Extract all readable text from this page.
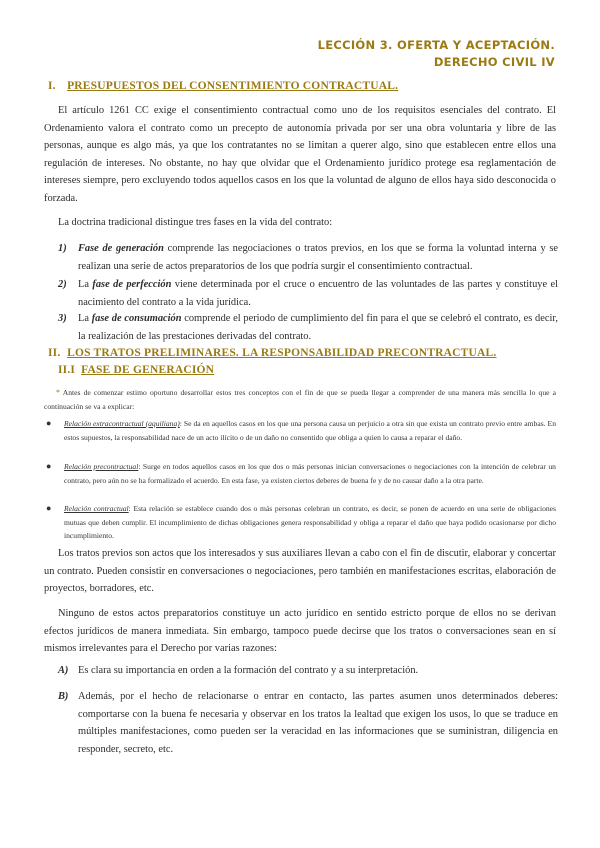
LECCIÓN 3. OFERTA Y ACEPTACIÓN.
DERECHO CIVIL IV
I. PRESUPUESTOS DEL CONSENTIMIENTO CONTRACTUAL.
El artículo 1261 CC exige el consentimiento contractual como uno de los requisitos esenciales del contrato. El Ordenamiento valora el contrato como un precepto de autonomía privada por ser una obra voluntaria y libre de las personas, aunque es algo más, ya que los contratantes no se limitan a querer algo, sino que establecen entre ellos una regulación de intereses. No obstante, no hay que olvidar que el Ordenamiento jurídico protege esa reglamentación de intereses siempre, pero excluyendo todos aquellos casos en los que la voluntad de alguno de ellos haya sido desconocida o forzada.
La doctrina tradicional distingue tres fases en la vida del contrato:
1) Fase de generación comprende las negociaciones o tratos previos, en los que se forma la voluntad interna y se realizan una serie de actos preparatorios de los que podría surgir el consentimiento contractual.
2) La fase de perfección viene determinada por el cruce o encuentro de las voluntades de las partes y constituye el nacimiento del contrato a la vida jurídica.
3) La fase de consumación comprende el periodo de cumplimiento del fin para el que se celebró el contrato, es decir, la realización de las prestaciones derivadas del contrato.
II. LOS TRATOS PRELIMINARES. LA RESPONSABILIDAD PRECONTRACTUAL.
II.I FASE DE GENERACIÓN
* Antes de comenzar estimo oportuno desarrollar estos tres conceptos con el fin de que se pueda llegar a comprender de una manera más sencilla lo que a continuación se va a explicar:
● Relación extracontractual (aquiliana): Se da en aquellos casos en los que una persona causa un perjuicio a otra sin que exista un contrato previo entre ambas. En estos supuestos, la responsabilidad nace de un acto ilícito o de un daño no consentido que obliga a quien lo causa a reparar el daño.
● Relación precontractual: Surge en todos aquellos casos en los que dos o más personas inician conversaciones o negociaciones con la intención de celebrar un contrato, pero aún no se ha formalizado el acuerdo. En esta fase, ya existen ciertos deberes de buena fe y de no causar daño a la otra parte.
● Relación contractual: Esta relación se establece cuando dos o más personas celebran un contrato, es decir, se ponen de acuerdo en una serie de obligaciones mutuas que deben cumplir. El incumplimiento de dichas obligaciones genera responsabilidad y obliga a reparar el daño que haya podido ocasionarse por dicho incumplimiento.
Los tratos previos son actos que los interesados y sus auxiliares llevan a cabo con el fin de discutir, elaborar y concertar un contrato. Pueden consistir en conversaciones o negociaciones, pero también en manifestaciones escritas, elaboración de proyectos, borradores, etc.
Ninguno de estos actos preparatorios constituye un acto jurídico en sentido estricto porque de ellos no se derivan efectos jurídicos de manera inmediata. Sin embargo, tampoco puede decirse que los tratos o conversaciones sean en sí mismos irrelevantes para el Derecho por varias razones:
A) Es clara su importancia en orden a la formación del contrato y a su interpretación.
B) Además, por el hecho de relacionarse o entrar en contacto, las partes asumen unos determinados deberes: comportarse con la buena fe necesaria y observar en los tratos la lealtad que exigen los usos, lo que se traduce en múltiples manifestaciones, como pueden ser la veracidad en las informaciones que se suministran, diligencia en responder, secreto, etc.
